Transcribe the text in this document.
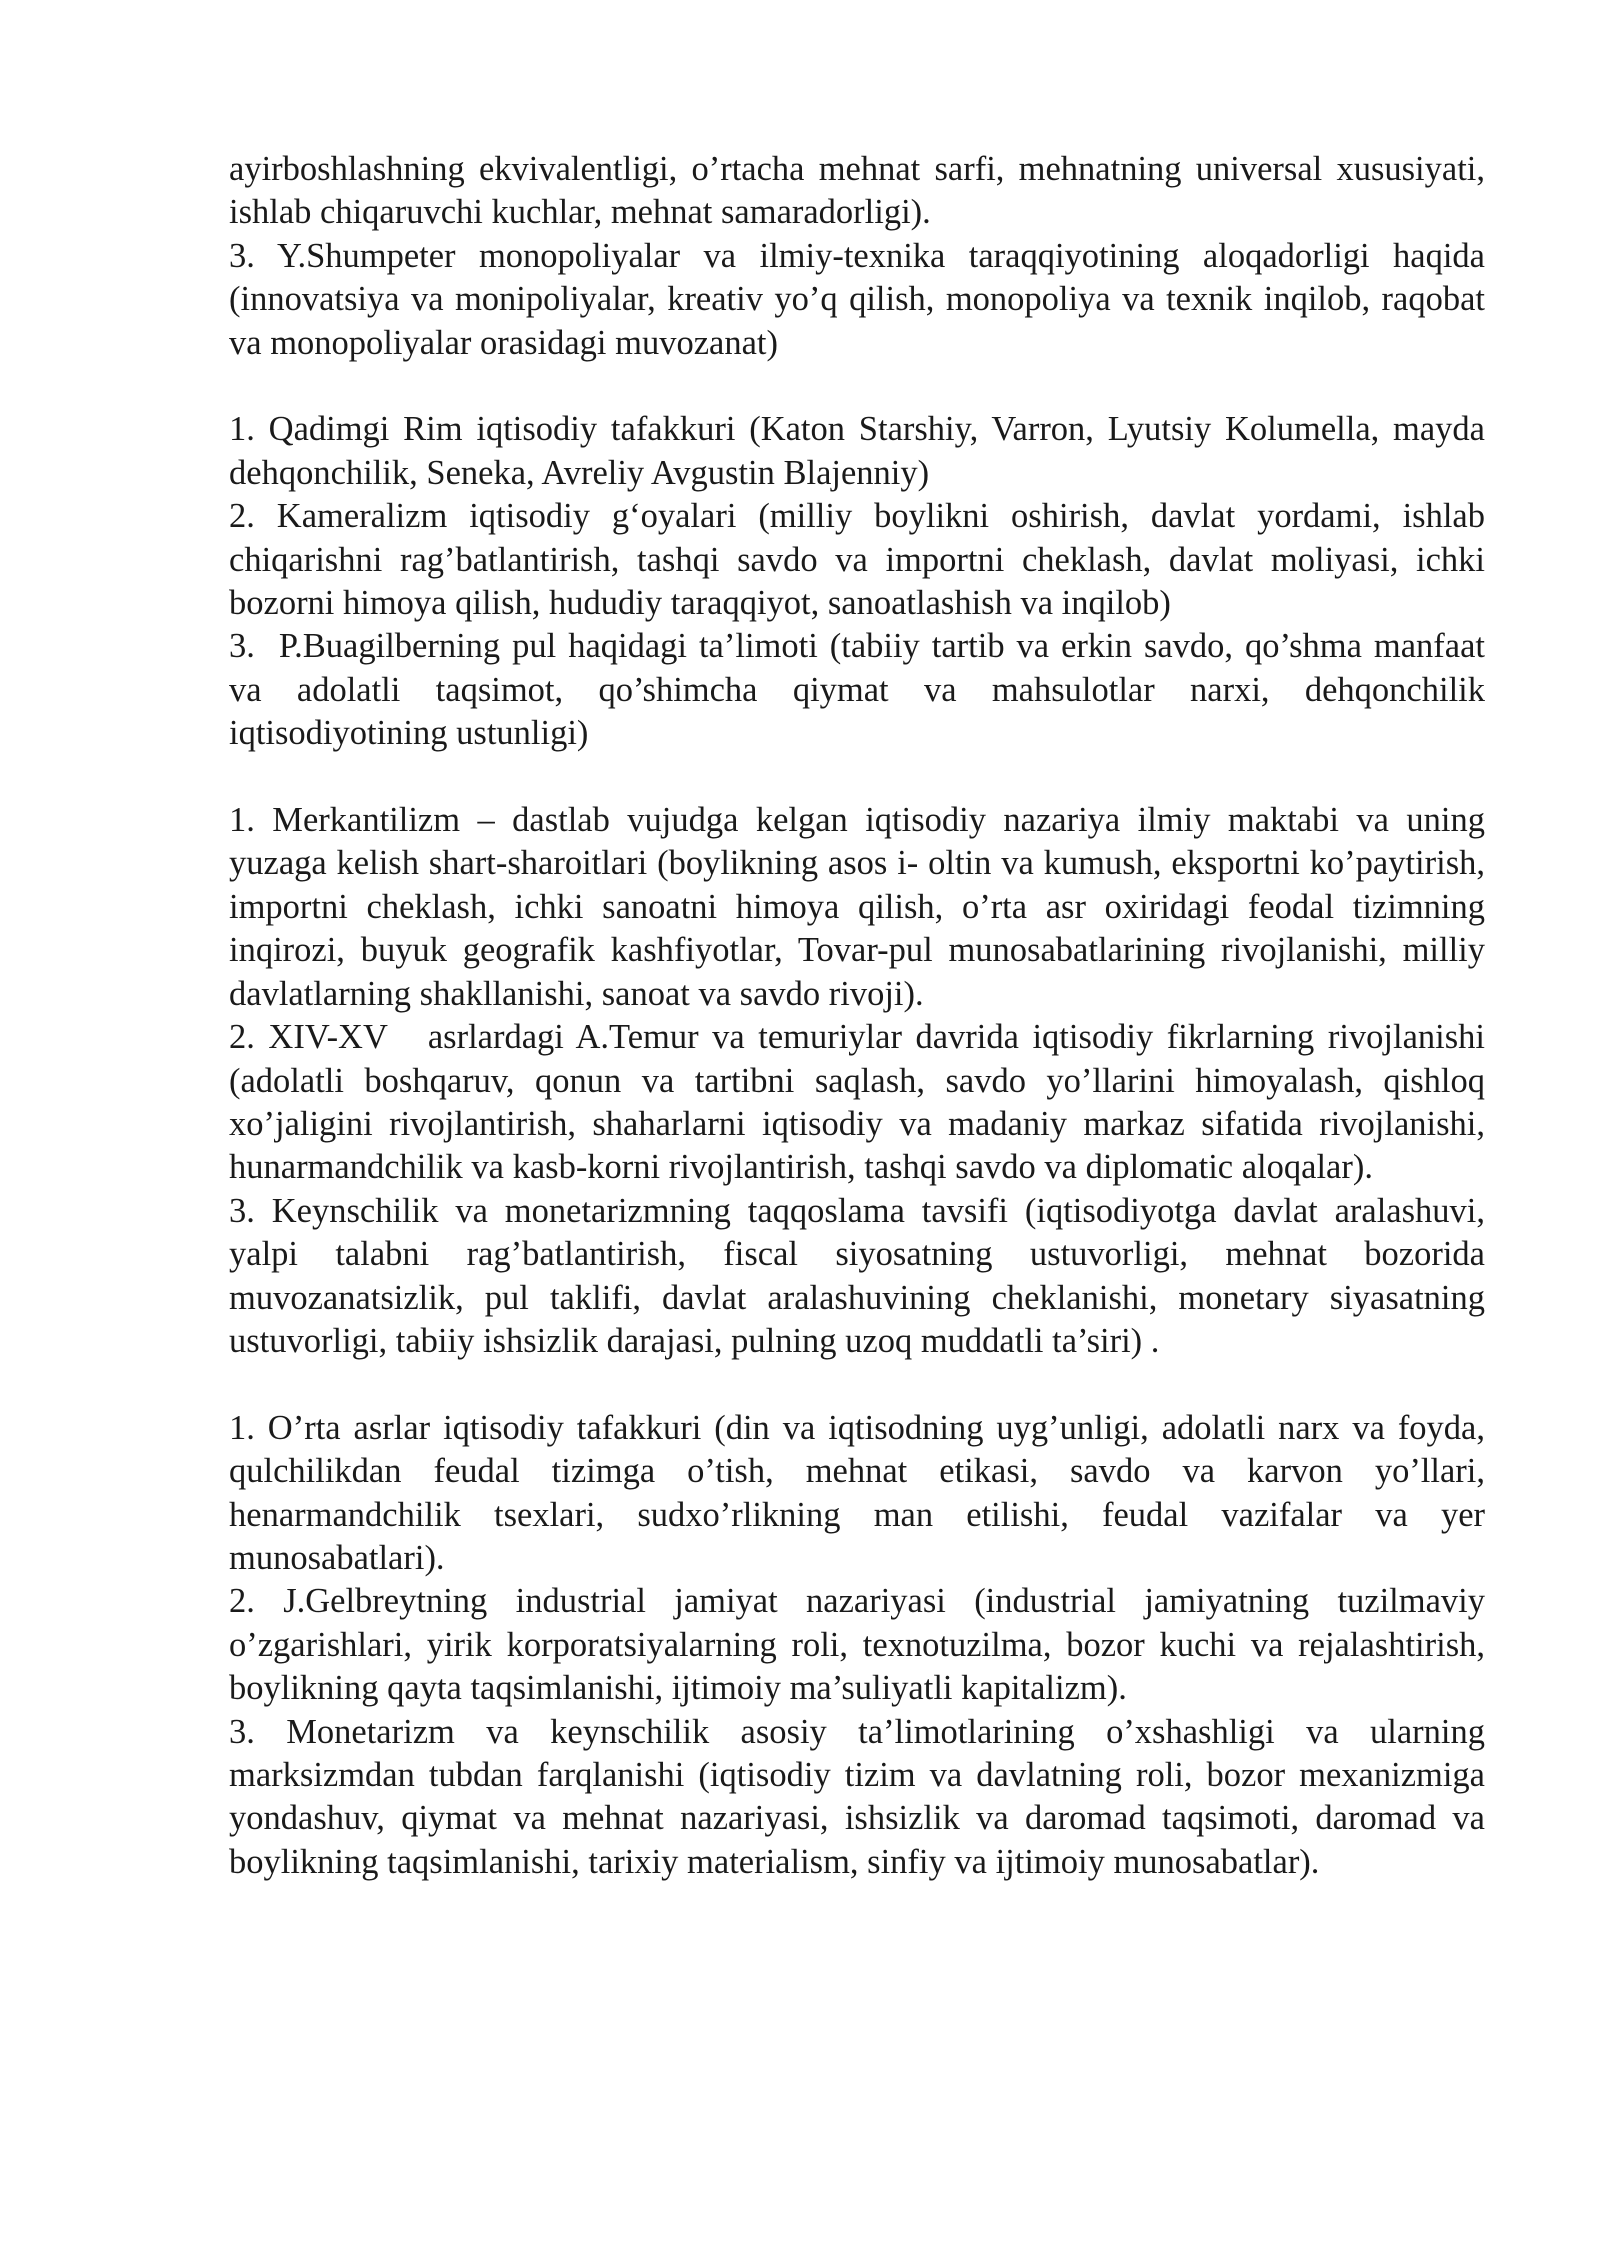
ayirboshlashning ekvivalentligi, o’rtacha mehnat sarfi, mehnatning universal xususiyati, ishlab chiqaruvchi kuchlar, mehnat samaradorligi).

3. Y.Shumpeter monopoliyalar va ilmiy-texnika taraqqiyotining aloqadorligi haqida (innovatsiya va monipoliyalar, kreativ yo’q qilish, monopoliya va texnik inqilob, raqobat va monopoliyalar orasidagi muvozanat)

1. Qadimgi Rim iqtisodiy tafakkuri (Katon Starshiy, Varron, Lyutsiy Kolumella, mayda dehqonchilik, Seneka, Avreliy Avgustin Blajenniy)

2. Kameralizm iqtisodiy g‘oyalari (milliy boylikni oshirish, davlat yordami, ishlab chiqarishni rag’batlantirish, tashqi savdo va importni cheklash, davlat moliyasi, ichki bozorni himoya qilish, hududiy taraqqiyot, sanoatlashish va inqilob)

3.  P.Buagilberning pul haqidagi ta’limoti (tabiiy tartib va erkin savdo, qo’shma manfaat va adolatli taqsimot, qo’shimcha qiymat va mahsulotlar narxi, dehqonchilik iqtisodiyotining ustunligi)

1. Merkantilizm – dastlab vujudga kelgan iqtisodiy nazariya ilmiy maktabi va uning yuzaga kelish shart-sharoitlari (boylikning asos i- oltin va kumush, eksportni ko’paytirish, importni cheklash, ichki sanoatni himoya qilish, o’rta asr oxiridagi feodal tizimning inqirozi, buyuk geografik kashfiyotlar, Tovar-pul munosabatlarining rivojlanishi, milliy davlatlarning shakllanishi, sanoat va savdo rivoji).

2. XIV-XV   asrlardagi A.Temur va temuriylar davrida iqtisodiy fikrlarning rivojlanishi (adolatli boshqaruv, qonun va tartibni saqlash, savdo yo’llarini himoyalash, qishloq xo’jaligini rivojlantirish, shaharlarni iqtisodiy va madaniy markaz sifatida rivojlanishi, hunarmandchilik va kasb-korni rivojlantirish, tashqi savdo va diplomatic aloqalar).

3. Keynschilik va monetarizmning taqqoslama tavsifi (iqtisodiyotga davlat aralashuvi, yalpi talabni rag’batlantirish, fiscal siyosatning ustuvorligi, mehnat bozorida muvozanatsizlik, pul taklifi, davlat aralashuvining cheklanishi, monetary siyasatning ustuvorligi, tabiiy ishsizlik darajasi, pulning uzoq muddatli ta’siri) .

1. O’rta asrlar iqtisodiy tafakkuri (din va iqtisodning uyg’unligi, adolatli narx va foyda, qulchilikdan feudal tizimga o’tish, mehnat etikasi, savdo va karvon yo’llari, henarmandchilik tsexlari, sudxo’rlikning man etilishi, feudal vazifalar va yer munosabatlari).

2. J.Gelbreytning industrial jamiyat nazariyasi (industrial jamiyatning tuzilmaviy o’zgarishlari, yirik korporatsiyalarning roli, texnotuzilma, bozor kuchi va rejalashtirish, boylikning qayta taqsimlanishi, ijtimoiy ma’suliyatli kapitalizm).

3. Monetarizm va keynschilik asosiy ta’limotlarining o’xshashligi va ularning marksizmdan tubdan farqlanishi (iqtisodiy tizim va davlatning roli, bozor mexanizmiga yondashuv, qiymat va mehnat nazariyasi, ishsizlik va daromad taqsimoti, daromad va boylikning taqsimlanishi, tarixiy materialism, sinfiy va ijtimoiy munosabatlar).
